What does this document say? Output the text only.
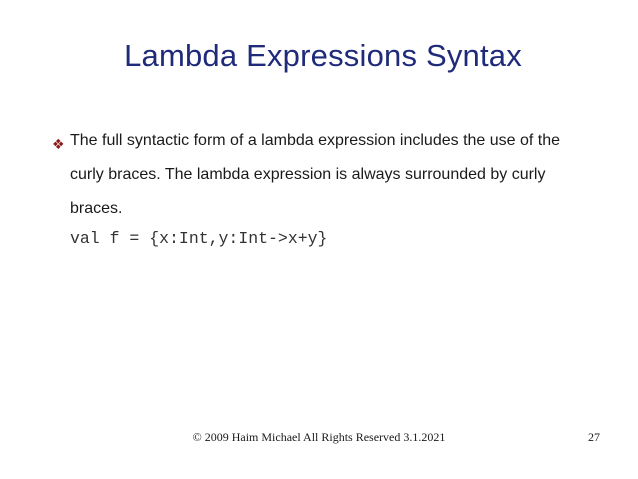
Lambda Expressions Syntax
❖ The full syntactic form of a lambda expression includes the use of the curly braces. The lambda expression is always surrounded by curly braces.

val f = {x:Int,y:Int->x+y}
© 2009 Haim Michael All Rights Reserved 3.1.2021	27
